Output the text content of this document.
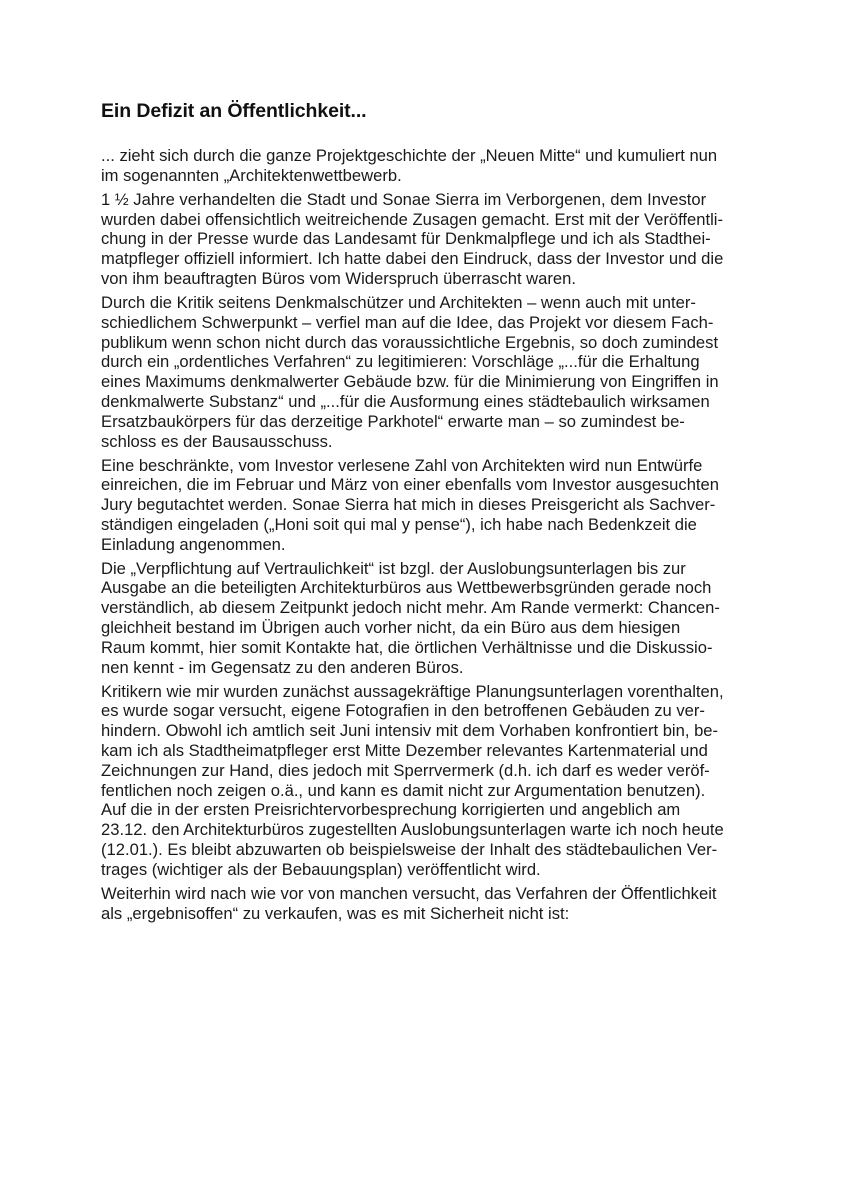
Ein Defizit an Öffentlichkeit...
... zieht sich durch die ganze Projektgeschichte der „Neuen Mitte“ und kumuliert nun
im sogenannten „Architektenwettbewerb.
1 ½ Jahre verhandelten die Stadt und Sonae Sierra im Verborgenen, dem Investor
wurden dabei offensichtlich weitreichende Zusagen gemacht. Erst mit der Veröffentli-
chung in der Presse wurde das Landesamt für Denkmalpflege und ich als Stadthei-
matpfleger offiziell informiert. Ich hatte dabei den Eindruck, dass der Investor und die
von ihm beauftragten Büros vom Widerspruch überrascht waren.
Durch die Kritik seitens Denkmalschützer und Architekten – wenn auch mit unter-
schiedlichem Schwerpunkt – verfiel man auf die Idee, das Projekt vor diesem Fach-
publikum wenn schon nicht durch das voraussichtliche Ergebnis, so doch zumindest
durch ein „ordentliches Verfahren“ zu legitimieren: Vorschläge „...für die Erhaltung
eines Maximums denkmalwerter Gebäude bzw. für die Minimierung von Eingriffen in
denkmalwerte Substanz“ und „...für die Ausformung eines städtebaulich wirksamen
Ersatzbaukörpers für das derzeitige Parkhotel“ erwarte man – so zumindest be-
schloss es der Bausausschuss.
Eine beschränkte, vom Investor verlesene Zahl von Architekten wird nun Entwürfe
einreichen, die im Februar und März von einer ebenfalls vom Investor ausgesuchten
Jury begutachtet werden. Sonae Sierra hat mich in dieses Preisgericht als Sachver-
ständigen eingeladen („Honi soit qui mal y pense“), ich habe nach Bedenkzeit die
Einladung angenommen.
Die „Verpflichtung auf Vertraulichkeit“ ist bzgl. der Auslobungsunterlagen bis zur
Ausgabe an die beteiligten Architekturbüros aus Wettbewerbsgründen gerade noch
verständlich, ab diesem Zeitpunkt jedoch nicht mehr. Am Rande vermerkt: Chancen-
gleichheit bestand im Übrigen auch vorher nicht, da ein Büro aus dem hiesigen
Raum kommt, hier somit Kontakte hat, die örtlichen Verhältnisse und die Diskussio-
nen kennt - im Gegensatz zu den anderen Büros.
Kritikern wie mir wurden zunächst aussagekräftige Planungsunterlagen vorenthalten,
es wurde sogar versucht, eigene Fotografien in den betroffenen Gebäuden zu ver-
hindern. Obwohl ich amtlich seit Juni intensiv mit dem Vorhaben konfrontiert bin, be-
kam ich als Stadtheimatpfleger erst Mitte Dezember relevantes Kartenmaterial und
Zeichnungen zur Hand, dies jedoch mit Sperrvermerk (d.h. ich darf es weder veröf-
fentlichen noch zeigen o.ä., und kann es damit nicht zur Argumentation benutzen).
Auf die in der ersten Preisrichtervorbesprechung korrigierten und angeblich am
23.12. den Architekturbüros zugestellten Auslobungsunterlagen warte ich noch heute
(12.01.). Es bleibt abzuwarten ob beispielsweise der Inhalt des städtebaulichen Ver-
trages (wichtiger als der Bebauungsplan) veröffentlicht wird.
Weiterhin wird nach wie vor von manchen versucht, das Verfahren der Öffentlichkeit
als „ergebnisoffen“ zu verkaufen, was es mit Sicherheit nicht ist:
